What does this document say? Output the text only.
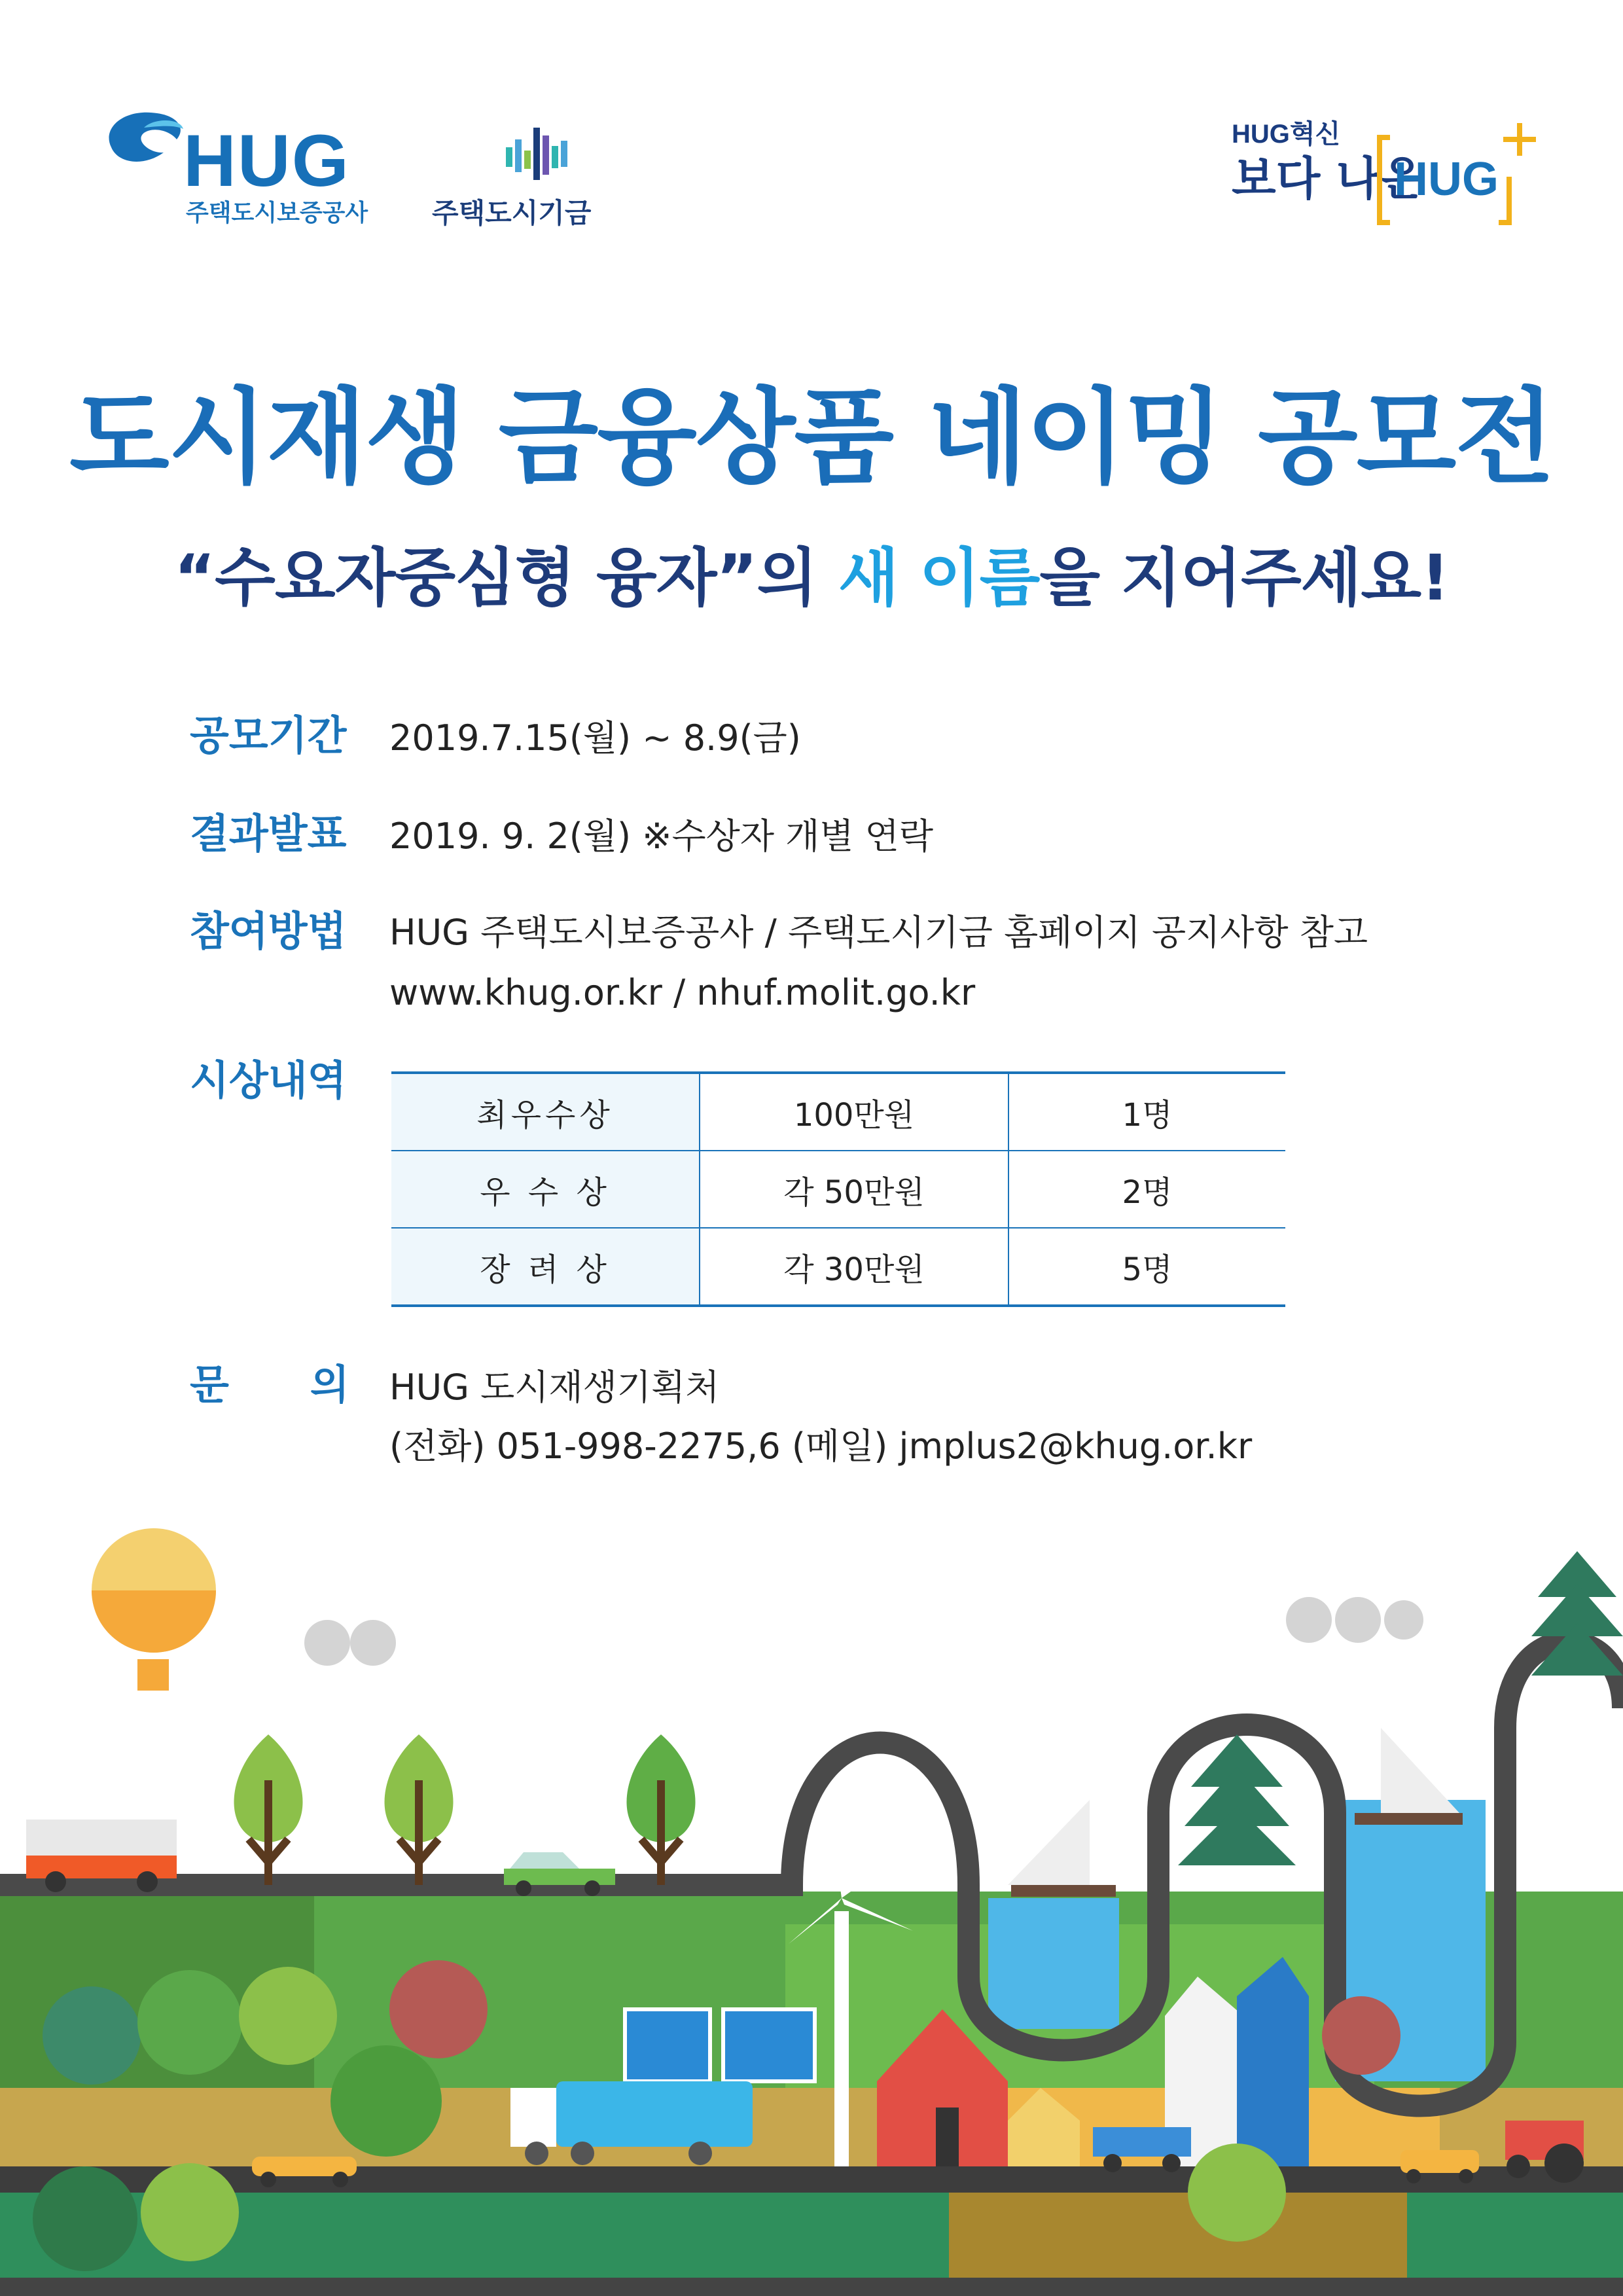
HUG
주택도시보증공사 주택도시기금
HUG혁신
보다 나은
HUG
도시재생 금융상품 네이밍 공모전
“수요자중심형 융자”의 새 이름을 지어주세요!
공모기간 2019.7.15(월) ~ 8.9(금)
결과발표 2019. 9. 2(월) ※수상자 개별 연락
참여방법 HUG 주택도시보증공사 / 주택도시기금 홈페이지 공지사항 참고
www.khug.or.kr / nhuf.molit.go.kr
시상내역
최우수상	100만원	1명
우 수 상	각 50만원	2명
장 려 상	각 30만원	5명
문　　의 HUG 도시재생기획처
(전화) 051-998-2275,6 (메일) jmplus2@khug.or.kr
